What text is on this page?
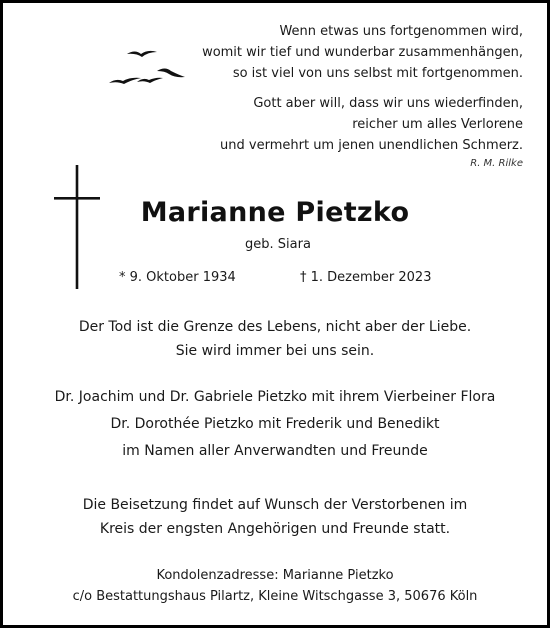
Wenn etwas uns fortgenommen wird,
womit wir tief und wunderbar zusammenhängen,
so ist viel von uns selbst mit fortgenommen.
Gott aber will, dass wir uns wiederfinden,
reicher um alles Verlorene
und vermehrt um jenen unendlichen Schmerz.
R. M. Rilke
Marianne Pietzko
geb. Siara
* 9. Oktober 1934	† 1. Dezember 2023
Der Tod ist die Grenze des Lebens, nicht aber der Liebe.
Sie wird immer bei uns sein.
Dr. Joachim und Dr. Gabriele Pietzko mit ihrem Vierbeiner Flora
Dr. Dorothée Pietzko mit Frederik und Benedikt
im Namen aller Anverwandten und Freunde
Die Beisetzung findet auf Wunsch der Verstorbenen im
Kreis der engsten Angehörigen und Freunde statt.
Kondolenzadresse: Marianne Pietzko
c/o Bestattungshaus Pilartz, Kleine Witschgasse 3, 50676 Köln
